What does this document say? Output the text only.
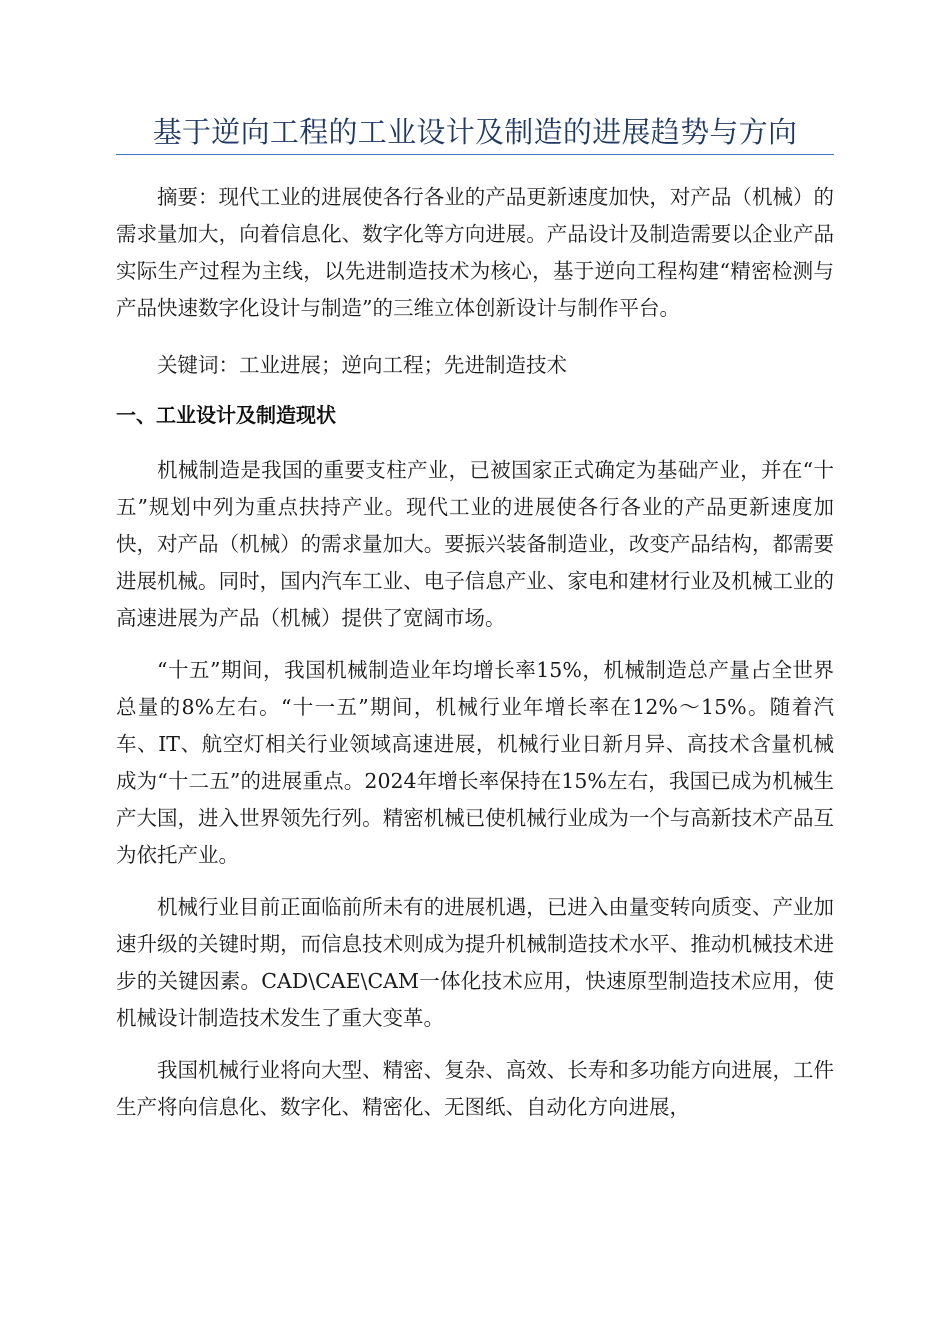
基于逆向工程的工业设计及制造的进展趋势与方向

摘要：现代工业的进展使各行各业的产品更新速度加快，对产品（机械）的需求量加大，向着信息化、数字化等方向进展。产品设计及制造需要以企业产品实际生产过程为主线，以先进制造技术为核心，基于逆向工程构建“精密检测与产品快速数字化设计与制造”的三维立体创新设计与制作平台。

关键词：工业进展；逆向工程；先进制造技术

一、工业设计及制造现状

机械制造是我国的重要支柱产业，已被国家正式确定为基础产业，并在“十五”规划中列为重点扶持产业。现代工业的进展使各行各业的产品更新速度加快，对产品（机械）的需求量加大。要振兴装备制造业，改变产品结构，都需要进展机械。同时，国内汽车工业、电子信息产业、家电和建材行业及机械工业的高速进展为产品（机械）提供了宽阔市场。

“十五”期间，我国机械制造业年均增长率15%，机械制造总产量占全世界总量的8%左右。“十一五”期间，机械行业年增长率在12%～15%。随着汽车、IT、航空灯相关行业领域高速进展，机械行业日新月异、高技术含量机械成为“十二五”的进展重点。2024年增长率保持在15%左右，我国已成为机械生产大国，进入世界领先行列。精密机械已使机械行业成为一个与高新技术产品互为依托产业。

机械行业目前正面临前所未有的进展机遇，已进入由量变转向质变、产业加速升级的关键时期，而信息技术则成为提升机械制造技术水平、推动机械技术进步的关键因素。CAD\CAE\CAM一体化技术应用，快速原型制造技术应用，使机械设计制造技术发生了重大变革。

我国机械行业将向大型、精密、复杂、高效、长寿和多功能方向进展，工件生产将向信息化、数字化、精密化、无图纸、自动化方向进展，
